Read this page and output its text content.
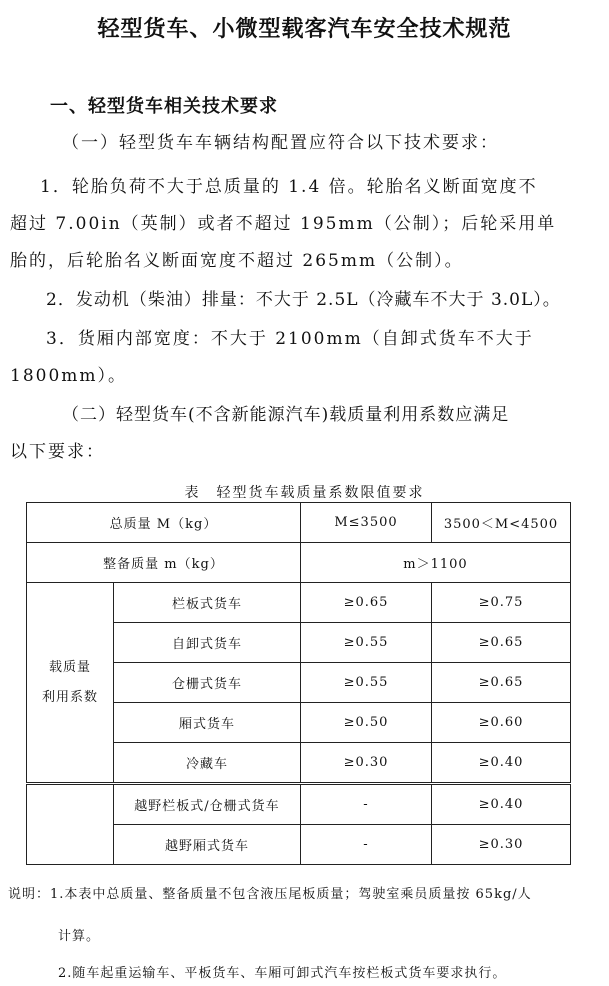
轻型货车、小微型载客汽车安全技术规范
一、轻型货车相关技术要求
（一）轻型货车车辆结构配置应符合以下技术要求：
1．轮胎负荷不大于总质量的 1.4 倍。轮胎名义断面宽度不
超过 7.00in（英制）或者不超过 195mm（公制）；后轮采用单
胎的，后轮胎名义断面宽度不超过 265mm（公制）。
2．发动机（柴油）排量：不大于 2.5L（冷藏车不大于 3.0L）。
3．货厢内部宽度：不大于 2100mm（自卸式货车不大于
1800mm）。
（二）轻型货车(不含新能源汽车)载质量利用系数应满足
以下要求：
表　轻型货车载质量系数限值要求
总质量 M（kg）		M≤3500	3500＜M<4500
整备质量 m（kg）		m＞1100	
载质量
利用系数	栏板式货车	≥0.65	≥0.75
	自卸式货车	≥0.55	≥0.65
	仓栅式货车	≥0.55	≥0.65
	厢式货车	≥0.50	≥0.60
	冷藏车	≥0.30	≥0.40
	越野栏板式/仓栅式货车	-	≥0.40
	越野厢式货车	-	≥0.30
说明：1.本表中总质量、整备质量不包含液压尾板质量；驾驶室乘员质量按 65kg/人
计算。
2.随车起重运输车、平板货车、车厢可卸式汽车按栏板式货车要求执行。
